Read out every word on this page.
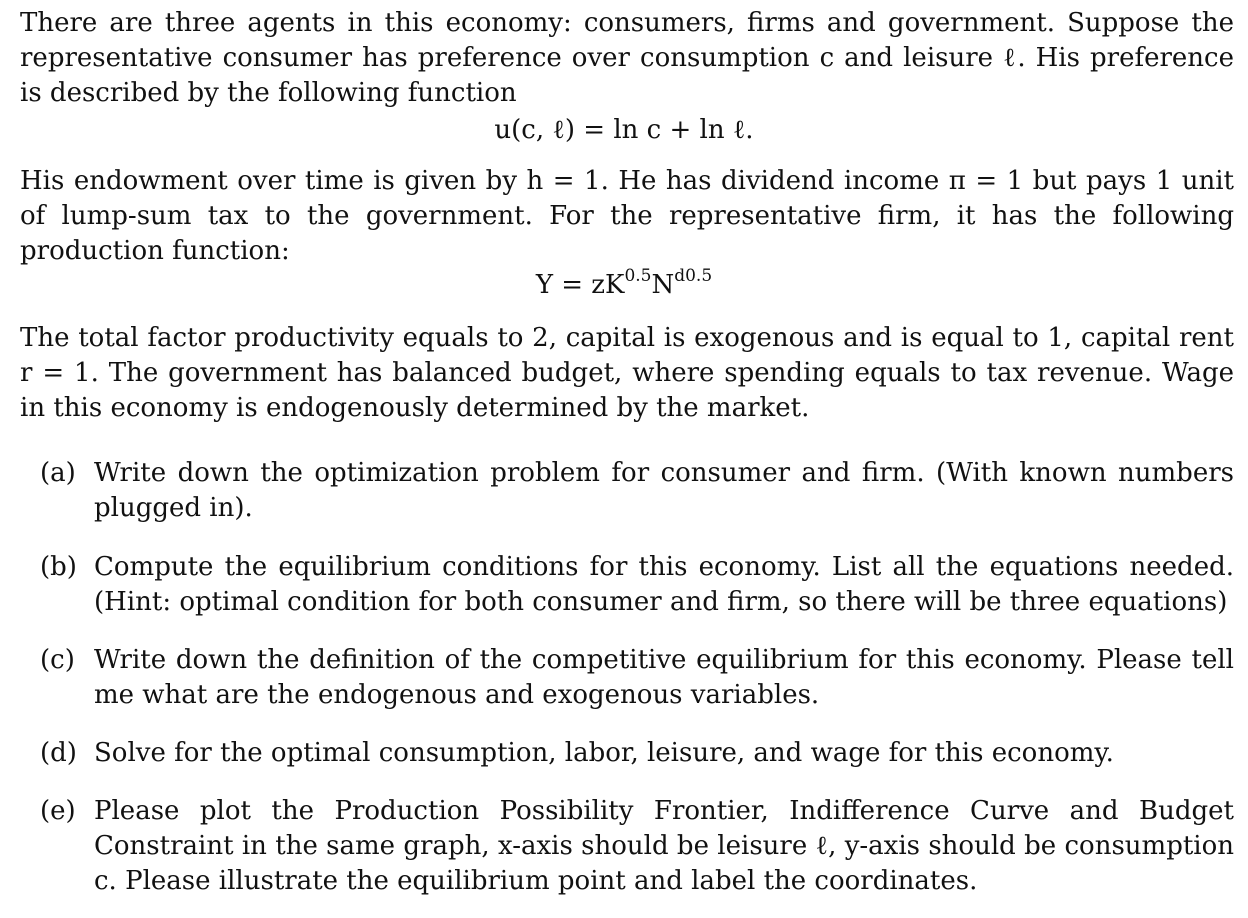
There are three agents in this economy: consumers, firms and government. Suppose the representative consumer has preference over consumption c and leisure ℓ. His preference is described by the following function
u(c, ℓ) = ln c + ln ℓ.
His endowment over time is given by h = 1. He has dividend income π = 1 but pays 1 unit of lump-sum tax to the government. For the representative firm, it has the following production function:
$Y = zK^{0.5}N^{d0.5}$
The total factor productivity equals to 2, capital is exogenous and is equal to 1, capital rent r = 1. The government has balanced budget, where spending equals to tax revenue. Wage in this economy is endogenously determined by the market.
(a) Write down the optimization problem for consumer and firm. (With known numbers plugged in).
(b) Compute the equilibrium conditions for this economy. List all the equations needed. (Hint: optimal condition for both consumer and firm, so there will be three equations)
(c) Write down the definition of the competitive equilibrium for this economy. Please tell me what are the endogenous and exogenous variables.
(d) Solve for the optimal consumption, labor, leisure, and wage for this economy.
(e) Please plot the Production Possibility Frontier, Indifference Curve and Budget Constraint in the same graph, x-axis should be leisure ℓ, y-axis should be consumption c. Please illustrate the equilibrium point and label the coordinates.
